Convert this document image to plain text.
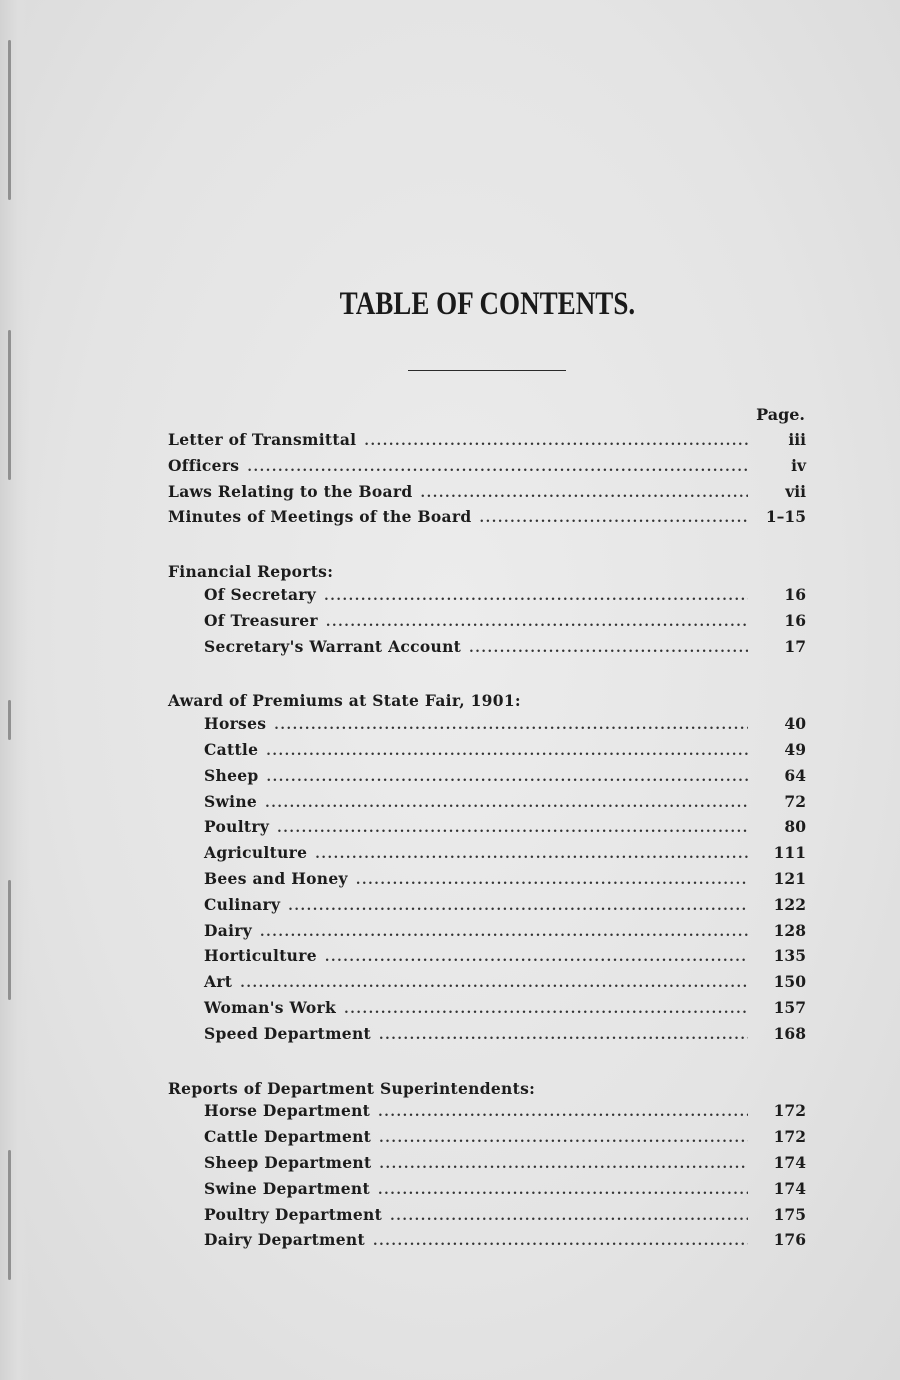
TABLE OF CONTENTS.
Page.
Letter of Transmittal .....	iii
Officers .....	iv
Laws Relating to the Board .....	vii
Minutes of Meetings of the Board .....	1–15
Financial Reports:
Of Secretary .....	16
Of Treasurer .....	16
Secretary's Warrant Account .....	17
Award of Premiums at State Fair, 1901:
Horses .....	40
Cattle .....	49
Sheep .....	64
Swine .....	72
Poultry .....	80
Agriculture .....	111
Bees and Honey .....	121
Culinary .....	122
Dairy .....	128
Horticulture .....	135
Art .....	150
Woman's Work .....	157
Speed Department .....	168
Reports of Department Superintendents:
Horse Department .....	172
Cattle Department .....	172
Sheep Department .....	174
Swine Department .....	174
Poultry Department .....	175
Dairy Department .....	176
